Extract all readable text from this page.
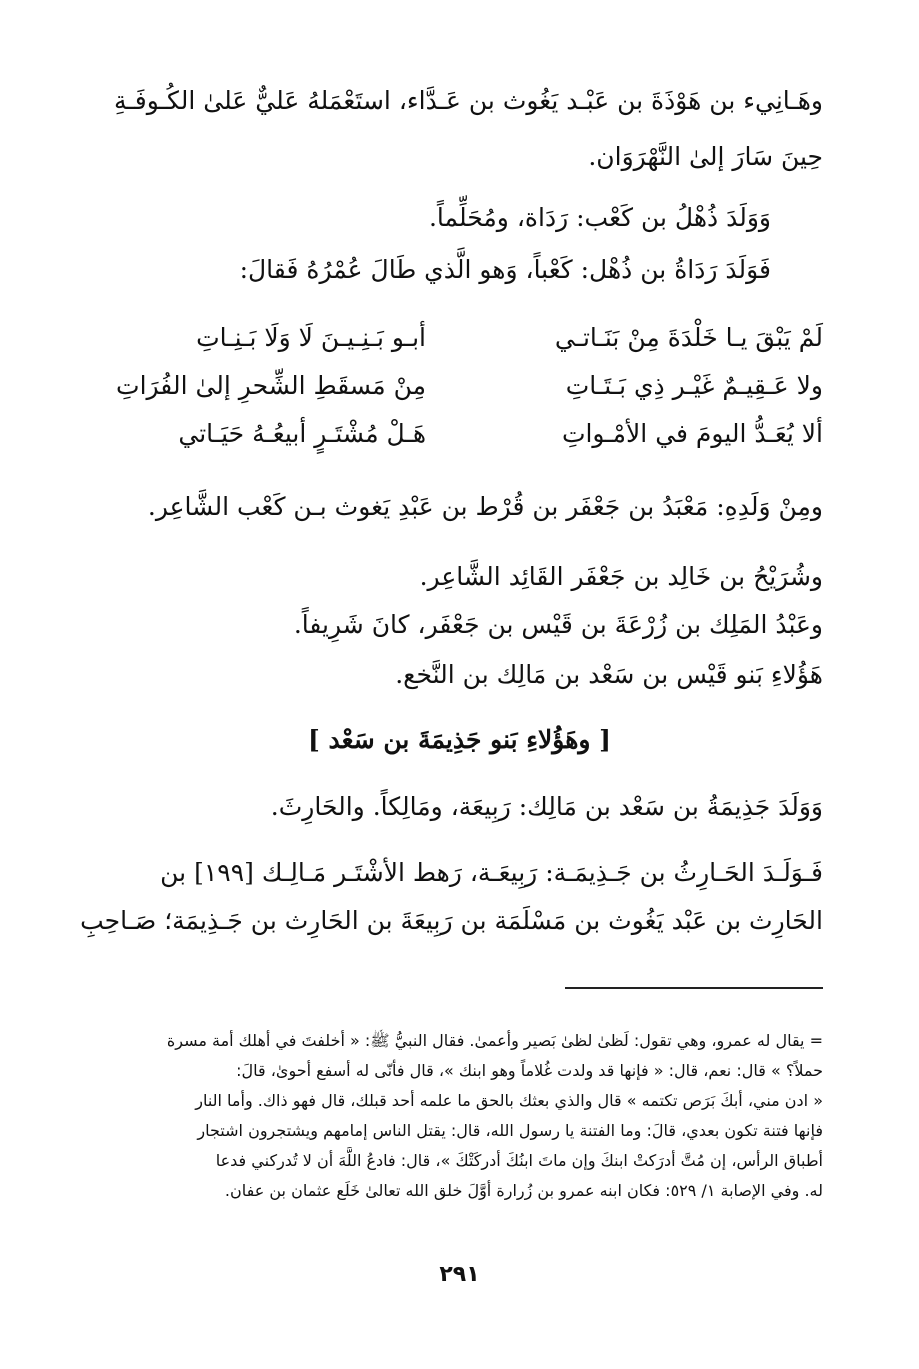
وهَـانِيء بن هَوْذَةَ بن عَبْـد يَغُوث بن عَـدَّاء، استَعْمَلهُ عَليٌّ عَلىٰ الكُـوفَـةِ
حِينَ سَارَ إلىٰ النَّهْرَوَان.
وَوَلَدَ ذُهْلُ بن كَعْب: رَدَاة، ومُحَلِّماً.
فَوَلَدَ رَدَاةُ بن ذُهْل: كَعْباً، وَهو الَّذي طَالَ عُمْرُهُ فَقالَ:
لَمْ يَبْقَ يـا خَلْدَةَ مِنْ بَنَـاتـي
أبـو بَـنِـيـنَ لَا وَلَا بَـنِـاتِ
ولا عَـقِيـمٌ غَيْـر ذِي بَـتَـاتِ
مِنْ مَسقَطِ الشِّحرِ إلىٰ الفُرَاتِ
ألا يُعَـدُّ اليومَ في الأمْـواتِ
هَـلْ مُشْتَـرٍ أبيعُـهُ حَيَـاتي
ومِنْ وَلَدِهِ: مَعْبَدُ بن جَعْفَر بن قُرْط بن عَبْدِ يَغوث بـن كَعْب الشَّاعِر.
وشُرَيْحُ بن خَالِد بن جَعْفَر القَائِد الشَّاعِر.
وعَبْدُ المَلِك بن زُرْعَةَ بن قَيْس بن جَعْفَر، كانَ شَرِيفاً.
هَؤُلاءِ بَنو قَيْس بن سَعْد بن مَالِك بن النَّخع.
[ وهَؤُلاءِ بَنو جَذِيمَةَ بن سَعْد ]
وَوَلَدَ جَذِيمَةُ بن سَعْد بن مَالِك: رَبِيعَة، ومَالِكاً. والحَارِثَ.
فَـوَلَـدَ الحَـارِثُ بن جَـذِيمَـة: رَبِيعَـة، رَهط الأشْتَـر مَـالِـك [١٩٩] بن
الحَارِث بن عَبْد يَغُوث بن مَسْلَمَة بن رَبِيعَةَ بن الحَارِث بن جَـذِيمَة؛ صَـاحِبِ
= يقال له عمرو، وهي تقول: لَظىٰ لظىٰ بَصير وأعمىٰ. فقال النبيُّ ﷺ: « أخلفتَ في أهلك أمة مسرة
حملاً؟ » قال: نعم، قال: « فإنها قد ولدت غُلاماً وهو ابنك »، قال فأنّى له أسفع أحوىٰ، قالَ:
« ادن مني، أبكَ بَرَص تكتمه » قال والذي بعثك بالحق ما علمه أحد قبلك، قال فهو ذاك. وأما النار
فإنها فتنة تكون بعدي، قالَ: وما الفتنة يا رسول الله، قال: يقتل الناس إمامهم ويشتجرون اشتجار
أطباق الرأس، إن مُتَّ أدرَكتْ ابنكَ وإن ماتَ ابنُكَ أدركَتْكَ »، قال: فادعُ اللَّهَ أن لا تُدركني فدعا
له. وفي الإصابة ١/ ٥٢٩: فكان ابنه عمرو بن زُرارة أوَّلَ خلق الله تعالىٰ خَلَع عثمان بن عفان.
٢٩١
